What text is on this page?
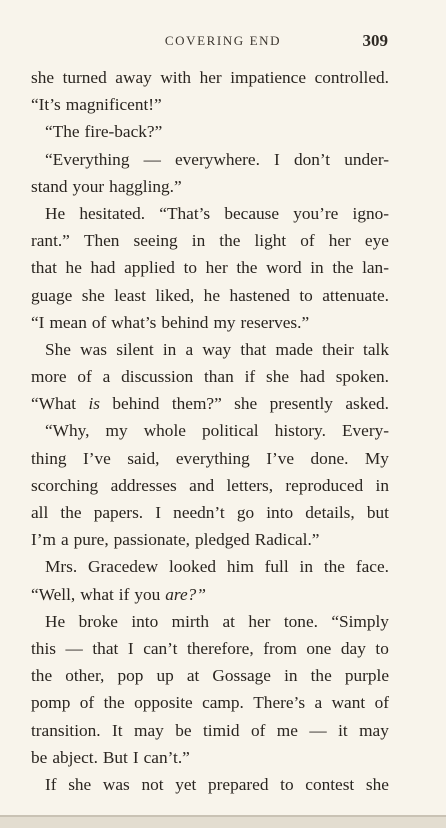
COVERING END	309
she turned away with her impatience controlled.
“It’s magnificent!”
“The fire-back?”
“Everything — everywhere. I don’t under-
stand your haggling.”
He hesitated. “That’s because you’re igno-
rant.” Then seeing in the light of her eye
that he had applied to her the word in the lan-
guage she least liked, he hastened to attenuate.
“I mean of what’s behind my reserves.”
She was silent in a way that made their talk
more of a discussion than if she had spoken.
“What is behind them?” she presently asked.
“Why, my whole political history. Every-
thing I’ve said, everything I’ve done. My
scorching addresses and letters, reproduced in
all the papers. I needn’t go into details, but
I’m a pure, passionate, pledged Radical.”
Mrs. Gracedew looked him full in the face.
“Well, what if you are?”
He broke into mirth at her tone. “Simply
this — that I can’t therefore, from one day to
the other, pop up at Gossage in the purple
pomp of the opposite camp. There’s a want of
transition. It may be timid of me — it may
be abject. But I can’t.”
If she was not yet prepared to contest she
